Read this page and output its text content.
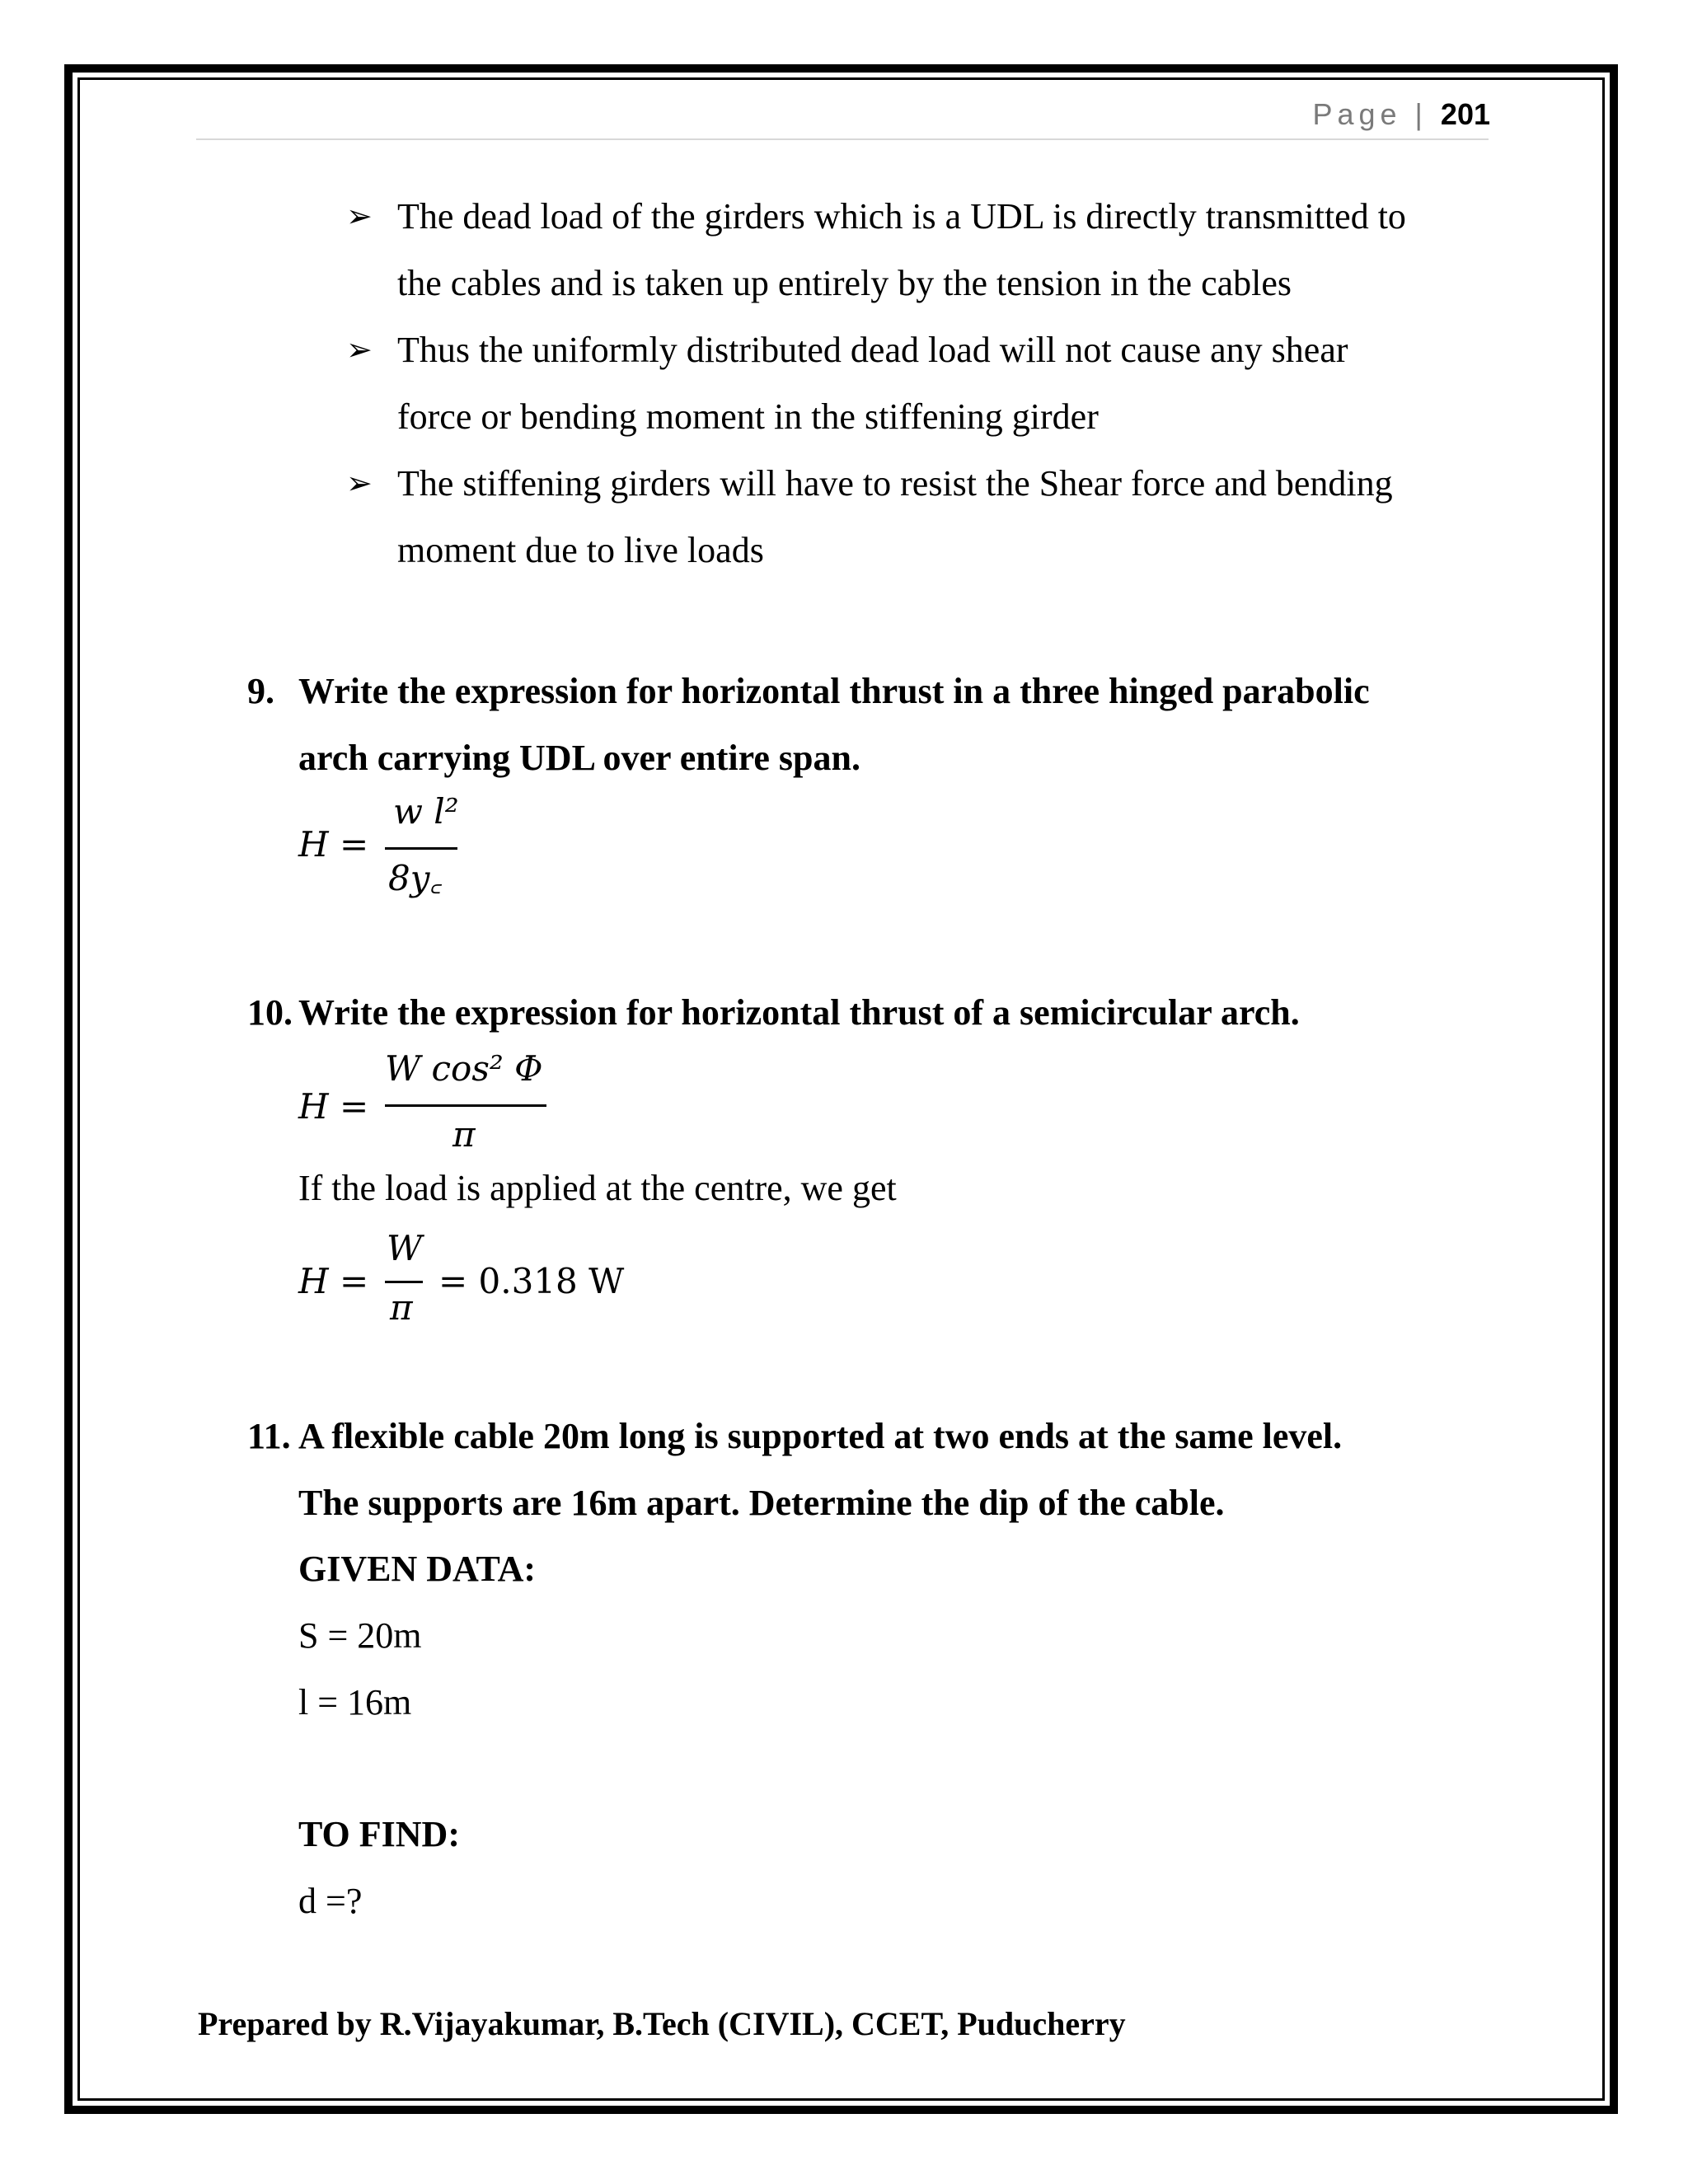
Page | 201
➢ The dead load of the girders which is a UDL is directly transmitted to
the cables and is taken up entirely by the tension in the cables
➢ Thus the uniformly distributed dead load will not cause any shear
force or bending moment in the stiffening girder
➢ The stiffening girders will have to resist the Shear force and bending
moment due to live loads
9. Write the expression for horizontal thrust in a three hinged parabolic
arch carrying UDL over entire span.
H =
w l²
8y꜀
10. Write the expression for horizontal thrust of a semicircular arch.
H =
W cos² Φ
π
If the load is applied at the centre, we get
H =
W
π
= 0.318 W
11. A flexible cable 20m long is supported at two ends at the same level.
The supports are 16m apart. Determine the dip of the cable.
GIVEN DATA:
S = 20m
l = 16m
TO FIND:
d =?
Prepared by R.Vijayakumar, B.Tech (CIVIL), CCET, Puducherry
